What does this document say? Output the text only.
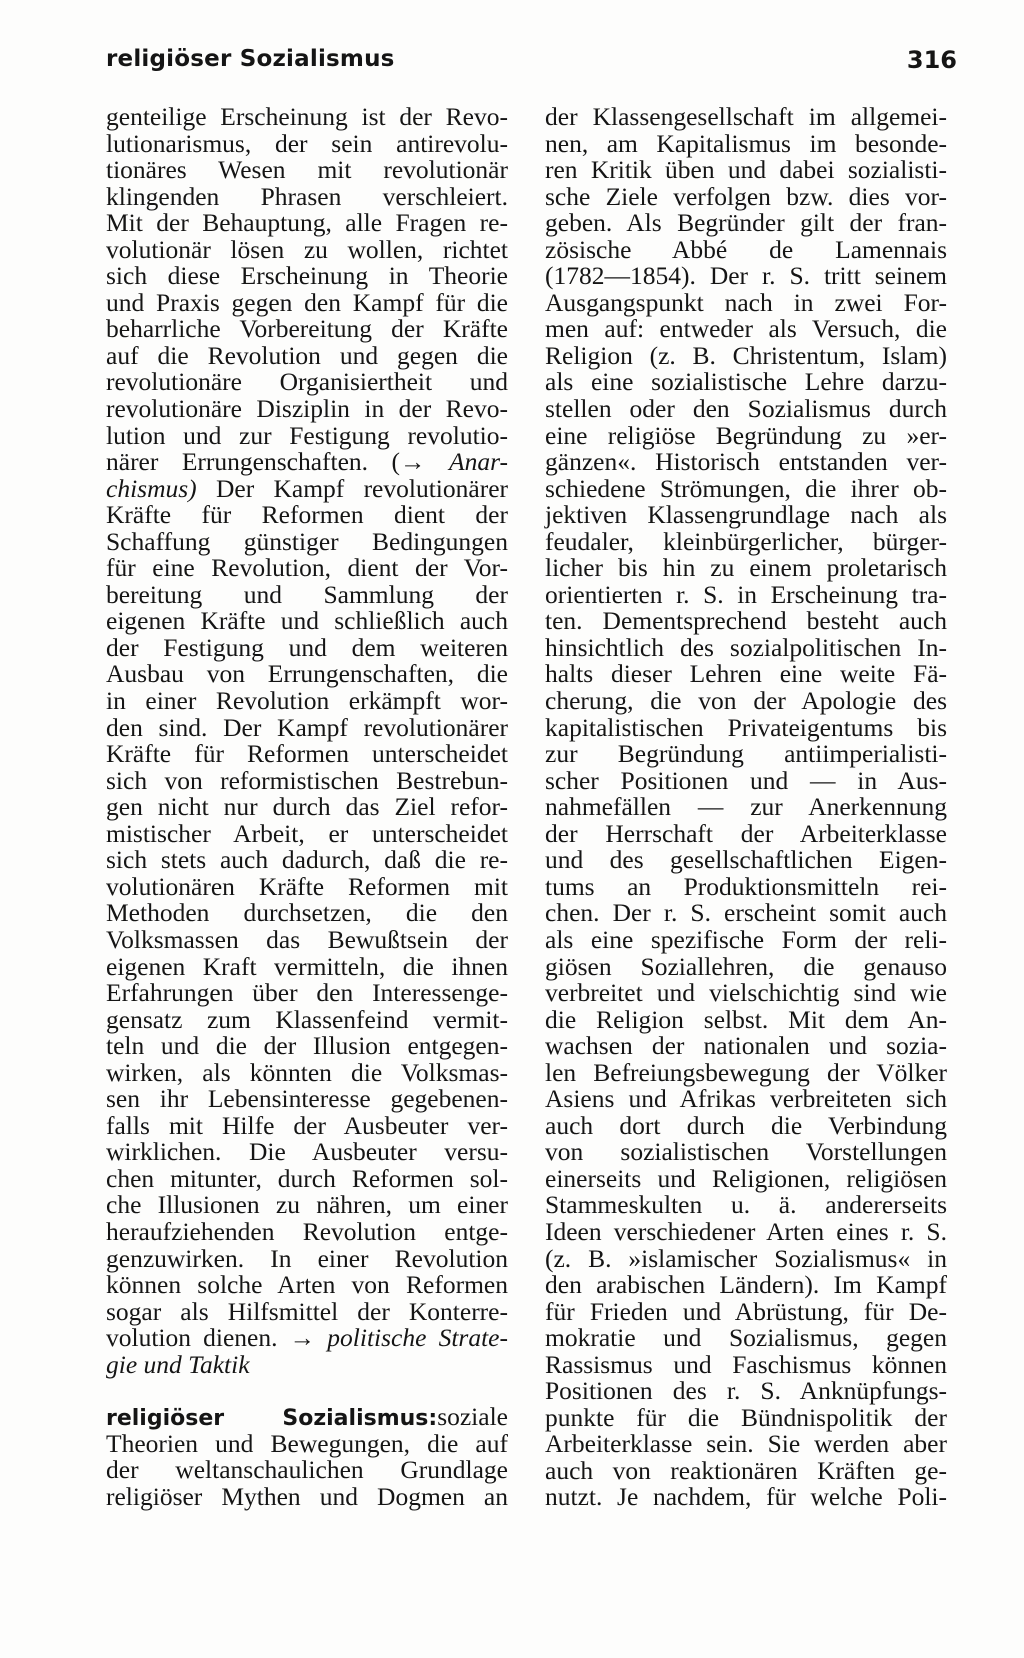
religiöser Sozialismus	316
genteilige Erscheinung ist der Revo-
lutionarismus, der sein antirevolu-
tionäres Wesen mit revolutionär
klingenden Phrasen verschleiert.
Mit der Behauptung, alle Fragen re-
volutionär lösen zu wollen, richtet
sich diese Erscheinung in Theorie
und Praxis gegen den Kampf für die
beharrliche Vorbereitung der Kräfte
auf die Revolution und gegen die
revolutionäre Organisiertheit und
revolutionäre Disziplin in der Revo-
lution und zur Festigung revolutio-
närer Errungenschaften. (→ Anar-
chismus) Der Kampf revolutionärer
Kräfte für Reformen dient der
Schaffung günstiger Bedingungen
für eine Revolution, dient der Vor-
bereitung und Sammlung der
eigenen Kräfte und schließlich auch
der Festigung und dem weiteren
Ausbau von Errungenschaften, die
in einer Revolution erkämpft wor-
den sind. Der Kampf revolutionärer
Kräfte für Reformen unterscheidet
sich von reformistischen Bestrebun-
gen nicht nur durch das Ziel refor-
mistischer Arbeit, er unterscheidet
sich stets auch dadurch, daß die re-
volutionären Kräfte Reformen mit
Methoden durchsetzen, die den
Volksmassen das Bewußtsein der
eigenen Kraft vermitteln, die ihnen
Erfahrungen über den Interessenge-
gensatz zum Klassenfeind vermit-
teln und die der Illusion entgegen-
wirken, als könnten die Volksmas-
sen ihr Lebensinteresse gegebenen-
falls mit Hilfe der Ausbeuter ver-
wirklichen. Die Ausbeuter versu-
chen mitunter, durch Reformen sol-
che Illusionen zu nähren, um einer
heraufziehenden Revolution entge-
genzuwirken. In einer Revolution
können solche Arten von Reformen
sogar als Hilfsmittel der Konterre-
volution dienen. → politische Strate-
gie und Taktik
religiöser Sozialismus:soziale
Theorien und Bewegungen, die auf
der weltanschaulichen Grundlage
religiöser Mythen und Dogmen an
der Klassengesellschaft im allgemei-
nen, am Kapitalismus im besonde-
ren Kritik üben und dabei sozialisti-
sche Ziele verfolgen bzw. dies vor-
geben. Als Begründer gilt der fran-
zösische Abbé de Lamennais
(1782—1854). Der r. S. tritt seinem
Ausgangspunkt nach in zwei For-
men auf: entweder als Versuch, die
Religion (z. B. Christentum, Islam)
als eine sozialistische Lehre darzu-
stellen oder den Sozialismus durch
eine religiöse Begründung zu »er-
gänzen«. Historisch entstanden ver-
schiedene Strömungen, die ihrer ob-
jektiven Klassengrundlage nach als
feudaler, kleinbürgerlicher, bürger-
licher bis hin zu einem proletarisch
orientierten r. S. in Erscheinung tra-
ten. Dementsprechend besteht auch
hinsichtlich des sozialpolitischen In-
halts dieser Lehren eine weite Fä-
cherung, die von der Apologie des
kapitalistischen Privateigentums bis
zur Begründung antiimperialisti-
scher Positionen und — in Aus-
nahmefällen — zur Anerkennung
der Herrschaft der Arbeiterklasse
und des gesellschaftlichen Eigen-
tums an Produktionsmitteln rei-
chen. Der r. S. erscheint somit auch
als eine spezifische Form der reli-
giösen Soziallehren, die genauso
verbreitet und vielschichtig sind wie
die Religion selbst. Mit dem An-
wachsen der nationalen und sozia-
len Befreiungsbewegung der Völker
Asiens und Afrikas verbreiteten sich
auch dort durch die Verbindung
von sozialistischen Vorstellungen
einerseits und Religionen, religiösen
Stammeskulten u. ä. andererseits
Ideen verschiedener Arten eines r. S.
(z. B. »islamischer Sozialismus« in
den arabischen Ländern). Im Kampf
für Frieden und Abrüstung, für De-
mokratie und Sozialismus, gegen
Rassismus und Faschismus können
Positionen des r. S. Anknüpfungs-
punkte für die Bündnispolitik der
Arbeiterklasse sein. Sie werden aber
auch von reaktionären Kräften ge-
nutzt. Je nachdem, für welche Poli-
